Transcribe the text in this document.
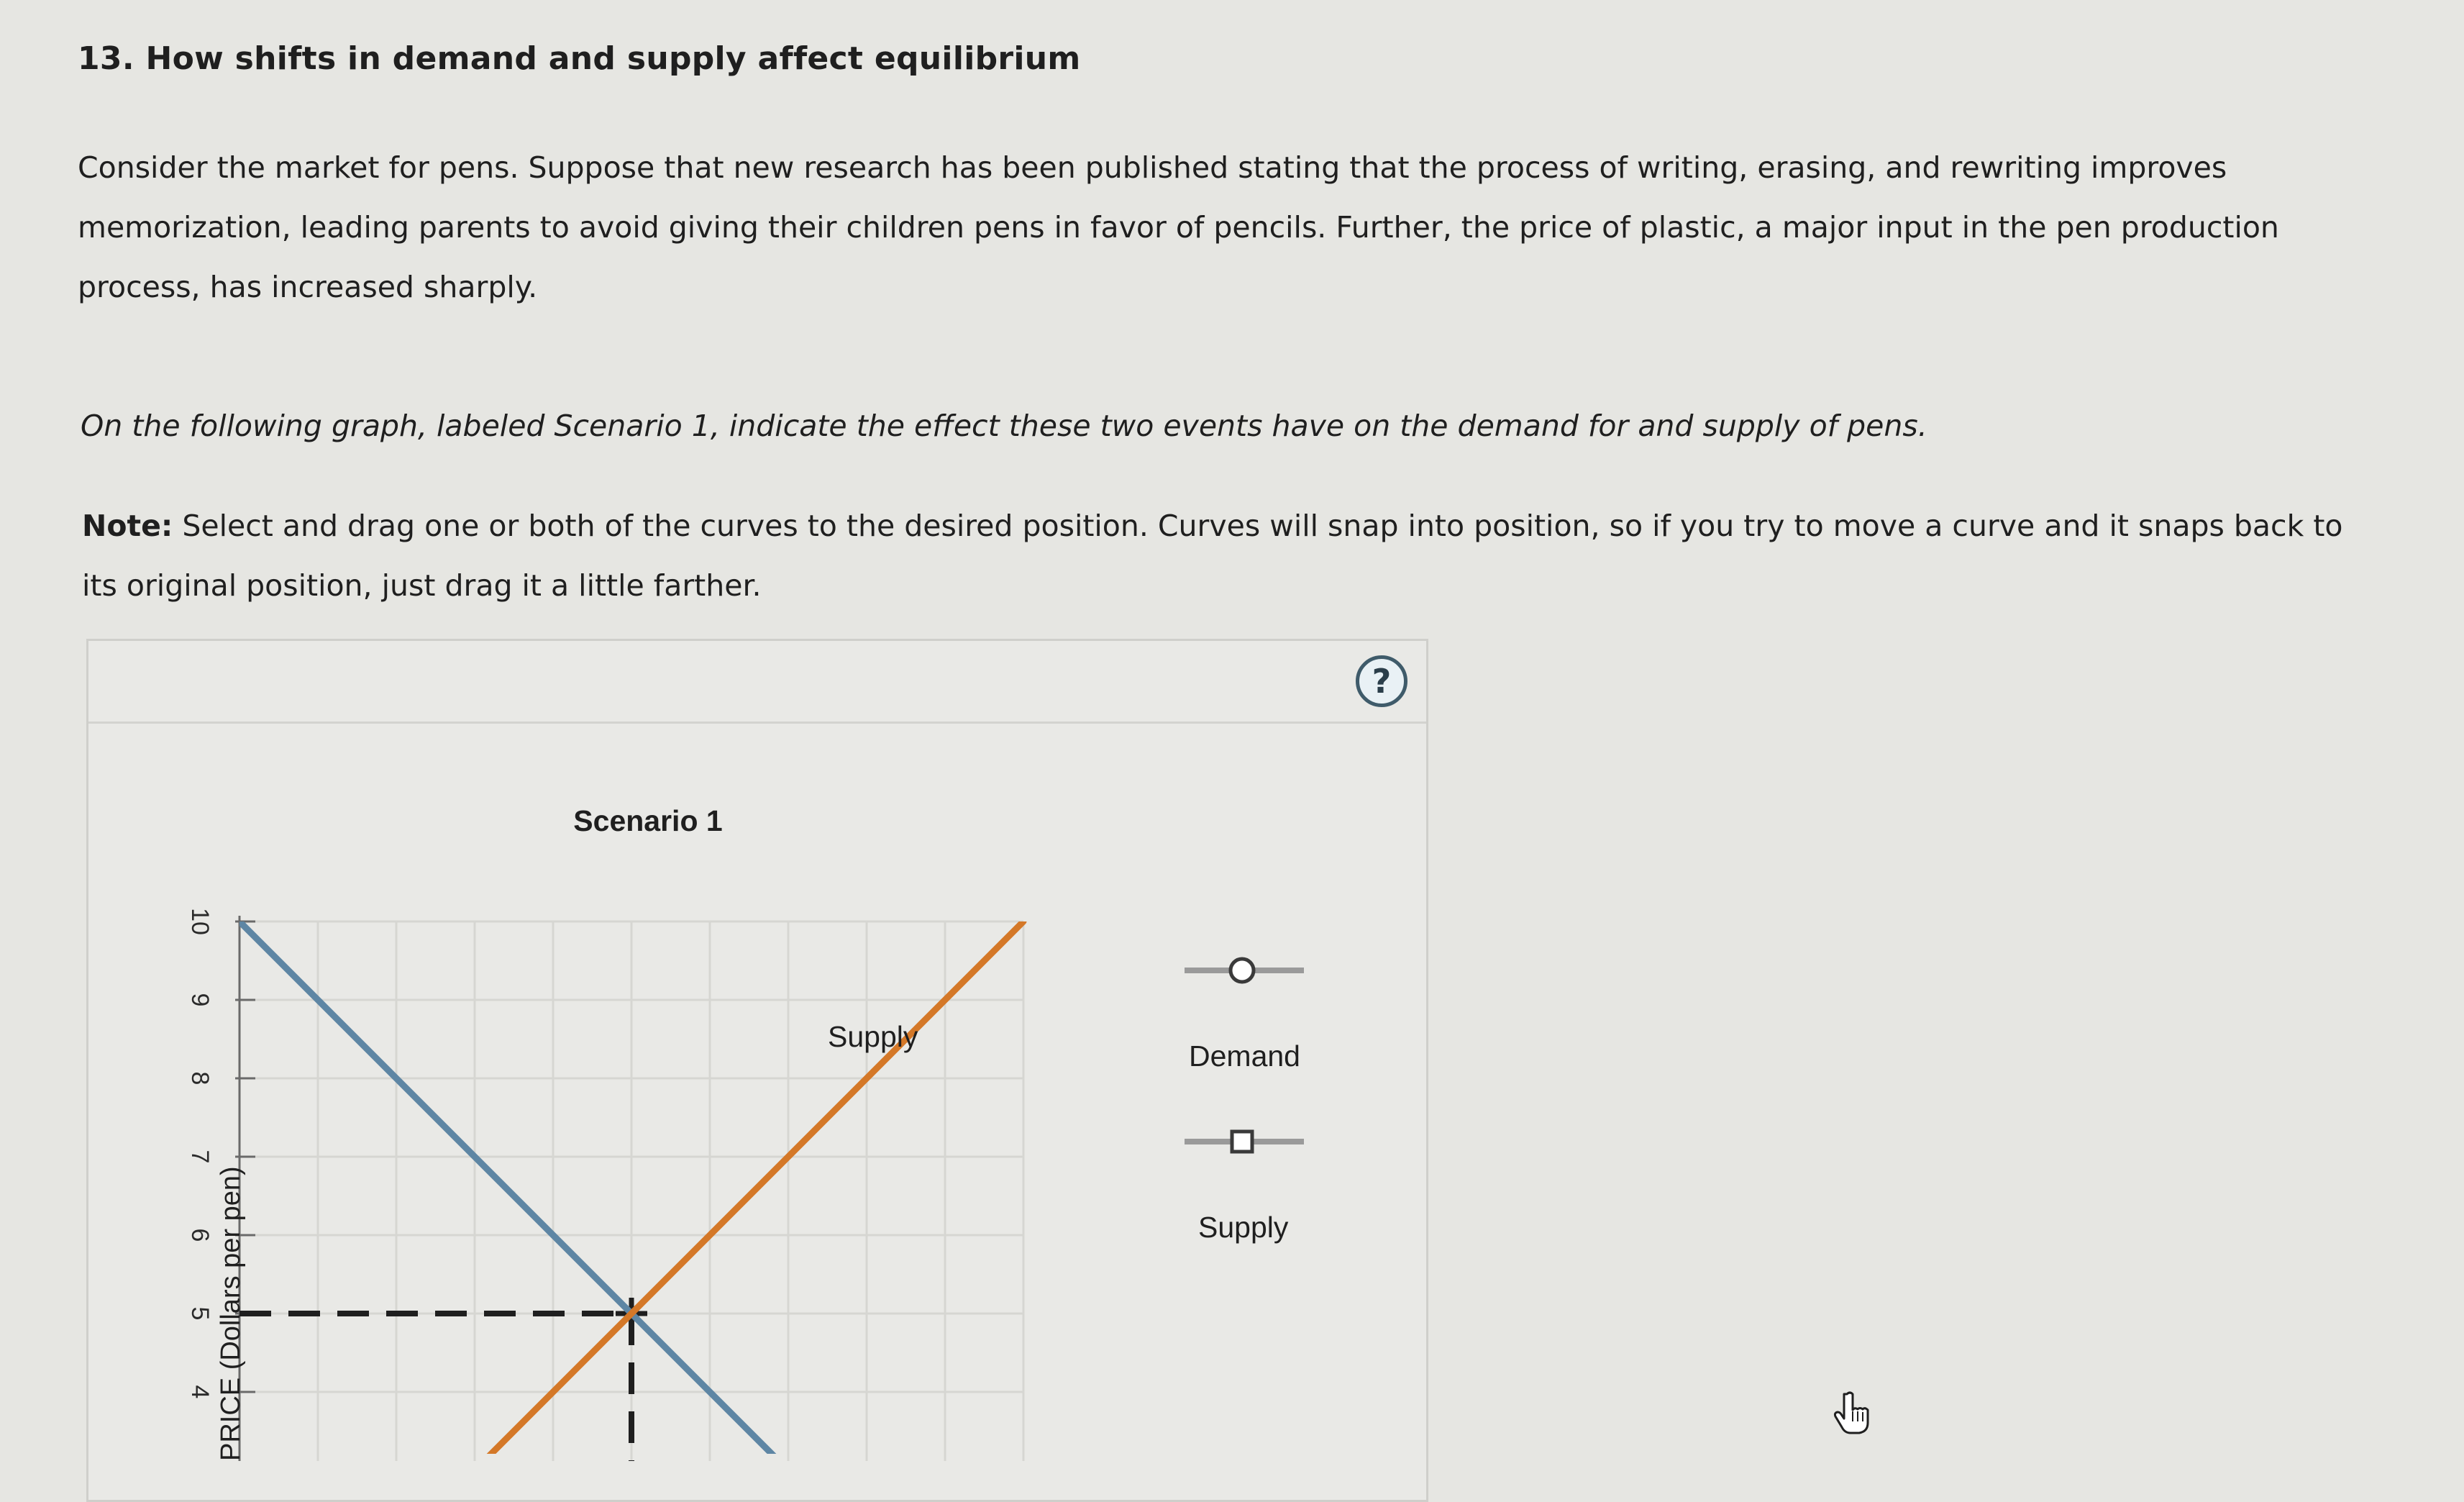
13. How shifts in demand and supply affect equilibrium
Consider the market for pens. Suppose that new research has been published stating that the process of writing, erasing, and rewriting improves memorization, leading parents to avoid giving their children pens in favor of pencils. Further, the price of plastic, a major input in the pen production process, has increased sharply.
On the following graph, labeled Scenario 1, indicate the effect these two events have on the demand for and supply of pens.
Note: Select and drag one or both of the curves to the desired position. Curves will snap into position, so if you try to move a curve and it snaps back to its original position, just drag it a little farther.
?
10
9
8
7
6
5
4
Scenario 1
PRICE (Dollars per pen)
Supply
Demand
Supply
